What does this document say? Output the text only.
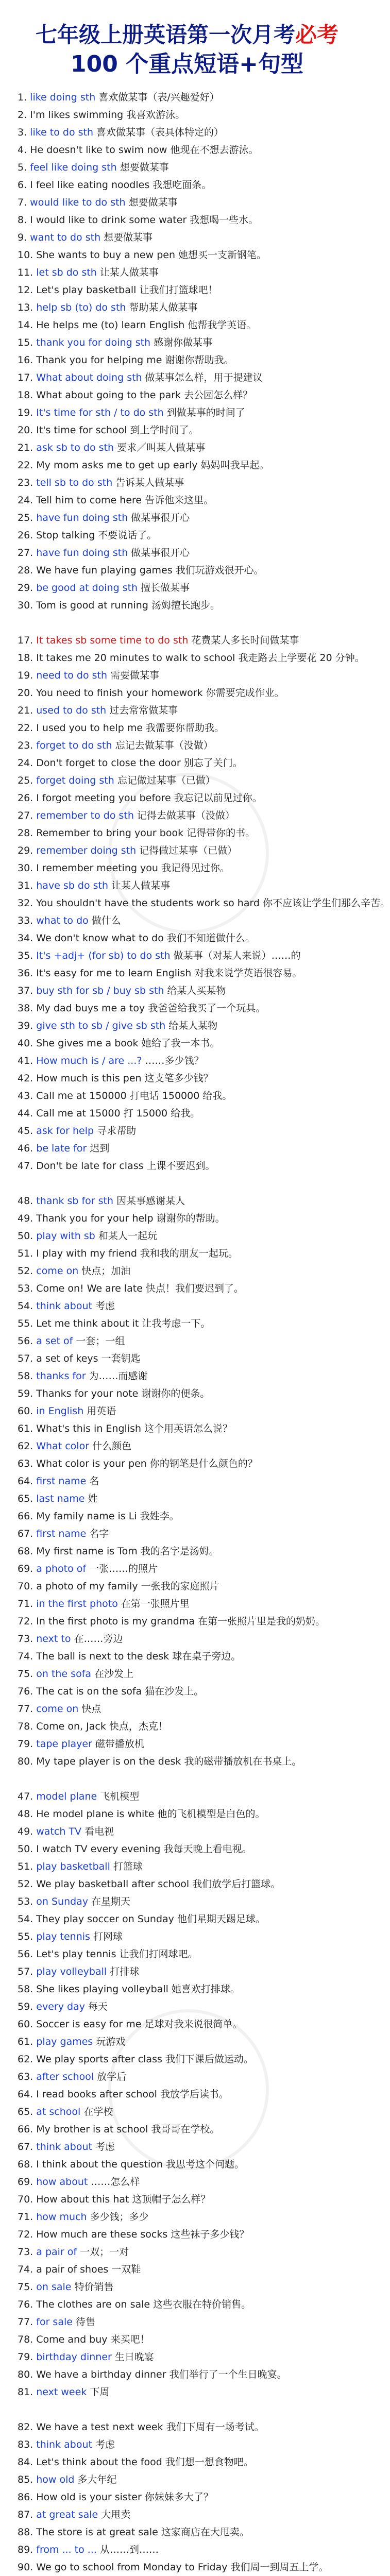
七年级上册英语第一次月考必考

100 个重点短语+句型

1. like doing sth 喜欢做某事（表/兴趣爱好）
2. I'm likes swimming 我喜欢游泳。
3. like to do sth 喜欢做某事（表具体特定的）
4. He doesn't like to swim now 他现在不想去游泳。
5. feel like doing sth 想要做某事
6. I feel like eating noodles 我想吃面条。
7. would like to do sth 想要做某事
8. I would like to drink some water 我想喝一些水。
9. want to do sth 想要做某事
10. She wants to buy a new pen 她想买一支新钢笔。
11. let sb do sth 让某人做某事
12. Let's play basketball 让我们打篮球吧！
13. help sb (to) do sth 帮助某人做某事
14. He helps me (to) learn English 他帮我学英语。
15. thank you for doing sth 感谢你做某事
16. Thank you for helping me 谢谢你帮助我。
17. What about doing sth 做某事怎么样，用于提建议
18. What about going to the park 去公园怎么样？
19. It's time for sth / to do sth 到做某事的时间了
20. It's time for school 到上学时间了。
21. ask sb to do sth 要求／叫某人做某事
22. My mom asks me to get up early 妈妈叫我早起。
23. tell sb to do sth 告诉某人做某事
24. Tell him to come here 告诉他来这里。
25. have fun doing sth 做某事很开心
26. Stop talking 不要说话了。
27. have fun doing sth 做某事很开心
28. We have fun playing games 我们玩游戏很开心。
29. be good at doing sth 擅长做某事
30. Tom is good at running 汤姆擅长跑步。
17. It takes sb some time to do sth 花费某人多长时间做某事
18. It takes me 20 minutes to walk to school 我走路去上学要花 20 分钟。
19. need to do sth 需要做某事
20. You need to finish your homework 你需要完成作业。
21. used to do sth 过去常常做某事
22. I used you to help me 我需要你帮助我。
23. forget to do sth 忘记去做某事（没做）
24. Don't forget to close the door 别忘了关门。
25. forget doing sth 忘记做过某事（已做）
26. I forgot meeting you before 我忘记以前见过你。
27. remember to do sth 记得去做某事（没做）
28. Remember to bring your book 记得带你的书。
29. remember doing sth 记得做过某事（已做）
30. I remember meeting you 我记得见过你。
31. have sb do sth 让某人做某事
32. You shouldn't have the students work so hard 你不应该让学生们那么辛苦。
33. what to do 做什么
34. We don't know what to do 我们不知道做什么。
35. It's +adj+ (for sb) to do sth 做某事（对某人来说）……的
36. It's easy for me to learn English 对我来说学英语很容易。
37. buy sth for sb / buy sb sth 给某人买某物
38. My dad buys me a toy 我爸爸给我买了一个玩具。
39. give sth to sb / give sb sth 给某人某物
40. She gives me a book 她给了我一本书。
41. How much is / are ...? ……多少钱？
42. How much is this pen 这支笔多少钱？
43. Call me at 150000 打电话 150000 给我。
44. Call me at 15000 打 15000 给我。
45. ask for help 寻求帮助
46. be late for 迟到
47. Don't be late for class 上课不要迟到。
48. thank sb for sth 因某事感谢某人
49. Thank you for your help 谢谢你的帮助。
50. play with sb 和某人一起玩
51. I play with my friend 我和我的朋友一起玩。
52. come on 快点；加油
53. Come on! We are late 快点！我们要迟到了。
54. think about 考虑
55. Let me think about it 让我考虑一下。
56. a set of 一套；一组
57. a set of keys 一套钥匙
58. thanks for 为……而感谢
59. Thanks for your note 谢谢你的便条。
60. in English 用英语
61. What's this in English 这个用英语怎么说？
62. What color 什么颜色
63. What color is your pen 你的钢笔是什么颜色的？
64. first name 名
65. last name 姓
66. My family name is Li 我姓李。
67. first name 名字
68. My first name is Tom 我的名字是汤姆。
69. a photo of 一张……的照片
70. a photo of my family 一张我的家庭照片
71. in the first photo 在第一张照片里
72. In the first photo is my grandma 在第一张照片里是我的奶奶。
73. next to 在……旁边
74. The ball is next to the desk 球在桌子旁边。
75. on the sofa 在沙发上
76. The cat is on the sofa 猫在沙发上。
77. come on 快点
78. Come on, Jack 快点，杰克！
79. tape player 磁带播放机
80. My tape player is on the desk 我的磁带播放机在书桌上。
47. model plane 飞机模型
48. He model plane is white 他的飞机模型是白色的。
49. watch TV 看电视
50. I watch TV every evening 我每天晚上看电视。
51. play basketball 打篮球
52. We play basketball after school 我们放学后打篮球。
53. on Sunday 在星期天
54. They play soccer on Sunday 他们星期天踢足球。
55. play tennis 打网球
56. Let's play tennis 让我们打网球吧。
57. play volleyball 打排球
58. She likes playing volleyball 她喜欢打排球。
59. every day 每天
60. Soccer is easy for me 足球对我来说很简单。
61. play games 玩游戏
62. We play sports after class 我们下课后做运动。
63. after school 放学后
64. I read books after school 我放学后读书。
65. at school 在学校
66. My brother is at school 我哥哥在学校。
67. think about 考虑
68. I think about the question 我思考这个问题。
69. how about ……怎么样
70. How about this hat 这顶帽子怎么样？
71. how much 多少钱；多少
72. How much are these socks 这些袜子多少钱？
73. a pair of 一双；一对
74. a pair of shoes 一双鞋
75. on sale 特价销售
76. The clothes are on sale 这些衣服在特价销售。
77. for sale 待售
78. Come and buy 来买吧！
79. birthday dinner 生日晚宴
80. We have a birthday dinner 我们举行了一个生日晚宴。
81. next week 下周
82. We have a test next week 我们下周有一场考试。
83. think about 考虑
84. Let's think about the food 我们想一想食物吧。
85. how old 多大年纪
86. How old is your sister 你妹妹多大了？
87. at great sale 大甩卖
88. The store is at great sale 这家商店在大甩卖。
89. from ... to ... 从……到……
90. We go to school from Monday to Friday 我们周一到周五上学。
